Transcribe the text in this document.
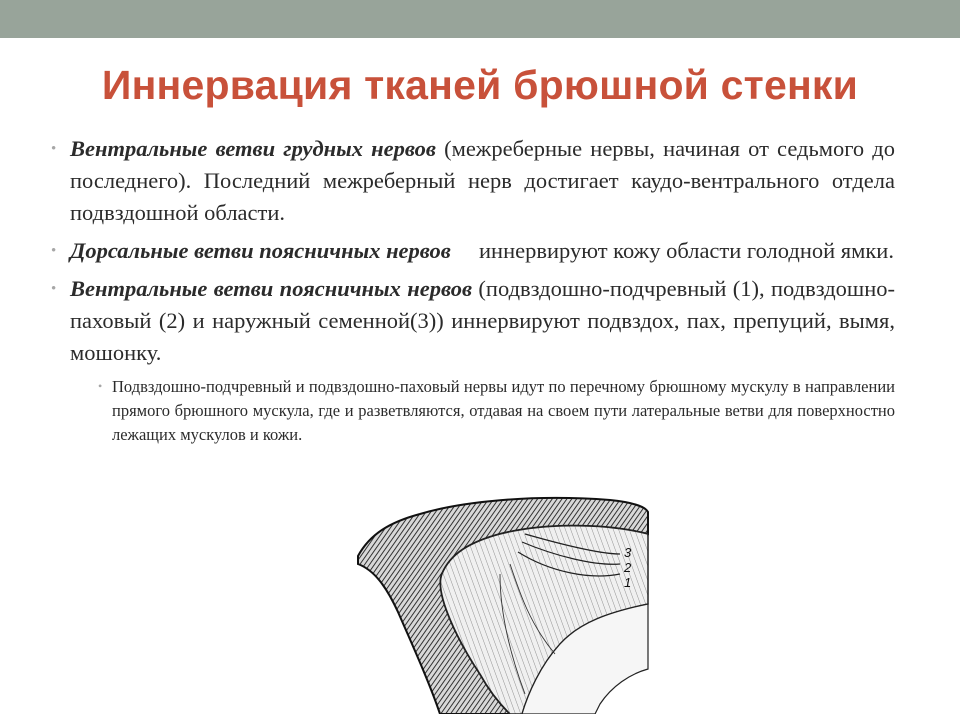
Иннервация тканей брюшной стенки
• Вентральные ветви грудных нервов (межреберные нервы, начиная от седьмого до последнего). Последний межреберный нерв достигает каудо-вентрального отдела подвздошной области.
• Дорсальные ветви поясничных нервов     иннервируют кожу области голодной ямки.
• Вентральные ветви поясничных нервов (подвздошно-подчревный (1), подвздошно-паховый (2) и наружный семенной(3)) иннервируют подвздох, пах, препуций, вымя, мошонку.
• Подвздошно-подчревный и подвздошно-паховый нервы идут по перечному брюшному мускулу в направлении прямого брюшного мускула, где и разветвляются, отдавая на своем пути латеральные ветви для поверхностно лежащих мускулов и кожи.
3
2
1
